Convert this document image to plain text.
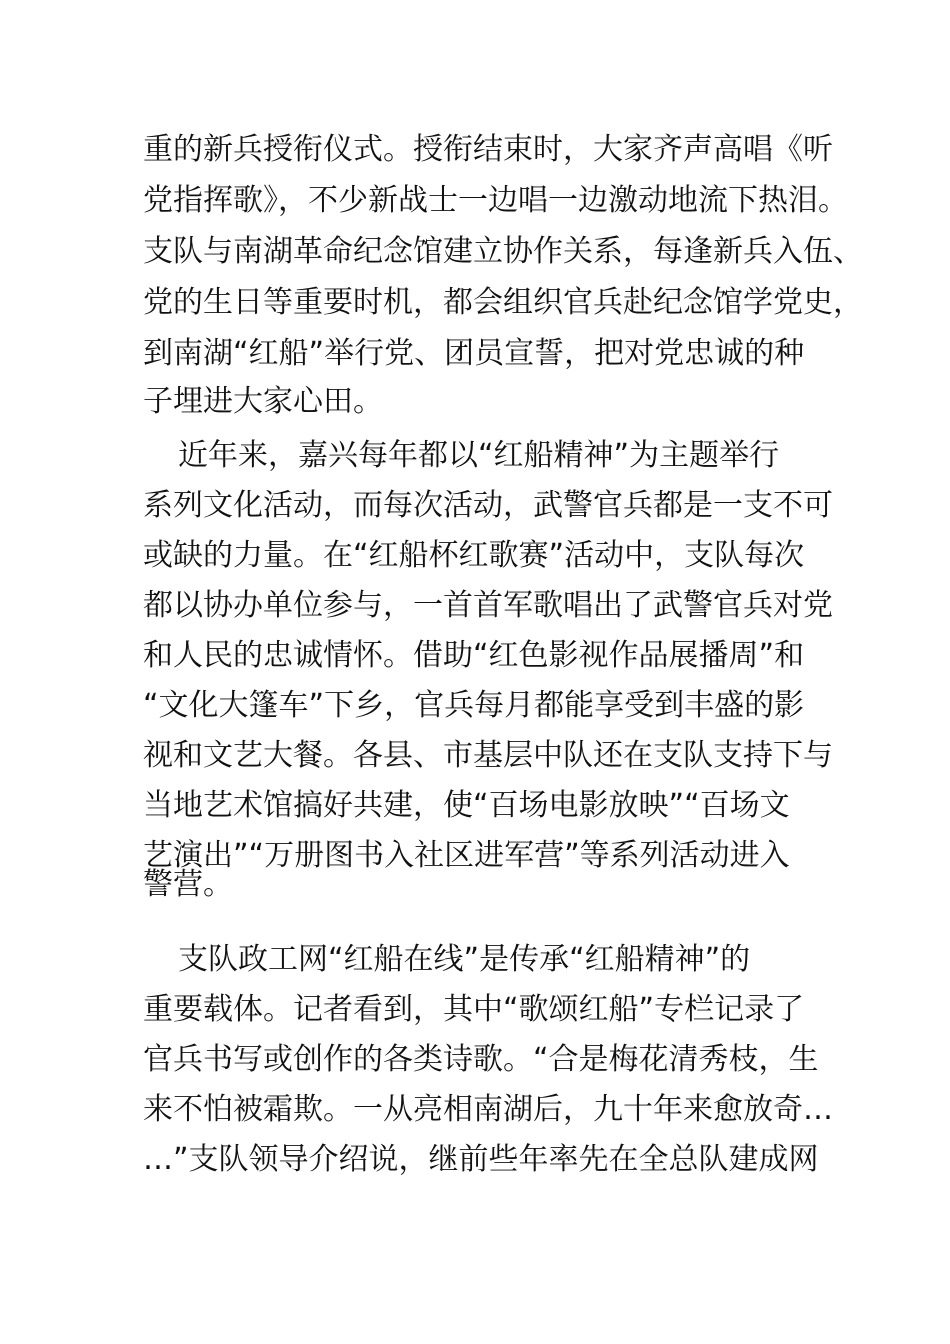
重的新兵授衔仪式。授衔结束时，大家齐声高唱《听
党指挥歌》，不少新战士一边唱一边激动地流下热泪。
支队与南湖革命纪念馆建立协作关系，每逢新兵入伍、
党的生日等重要时机，都会组织官兵赴纪念馆学党史，
到南湖“红船”举行党、团员宣誓，把对党忠诚的种
子埋进大家心田。
近年来，嘉兴每年都以“红船精神”为主题举行
系列文化活动，而每次活动，武警官兵都是一支不可
或缺的力量。在“红船杯红歌赛”活动中，支队每次
都以协办单位参与，一首首军歌唱出了武警官兵对党
和人民的忠诚情怀。借助“红色影视作品展播周”和
“文化大篷车”下乡，官兵每月都能享受到丰盛的影
视和文艺大餐。各县、市基层中队还在支队支持下与
当地艺术馆搞好共建，使“百场电影放映”“百场文
艺演出”“万册图书入社区进军营”等系列活动进入
警营。
支队政工网“红船在线”是传承“红船精神”的
重要载体。记者看到，其中“歌颂红船”专栏记录了
官兵书写或创作的各类诗歌。“合是梅花清秀枝，生
来不怕被霜欺。一从亮相南湖后，九十年来愈放奇…
…”支队领导介绍说，继前些年率先在全总队建成网
